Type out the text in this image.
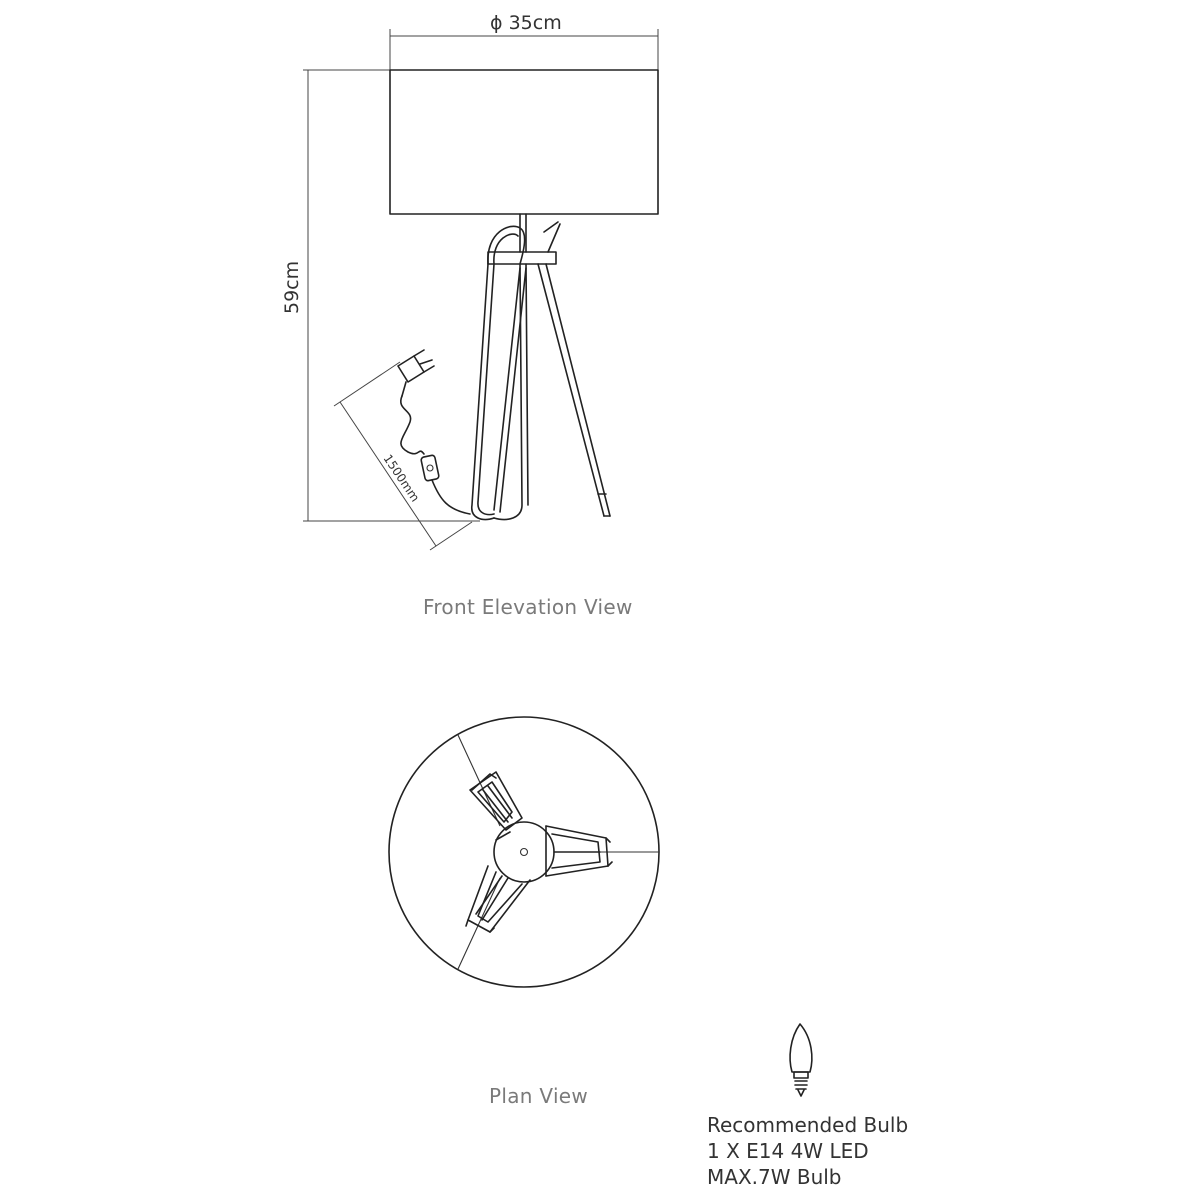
ϕ 35cm
59cm
1500mm
Front Elevation View
Plan View
Recommended Bulb
1 X E14 4W LED
MAX.7W Bulb
